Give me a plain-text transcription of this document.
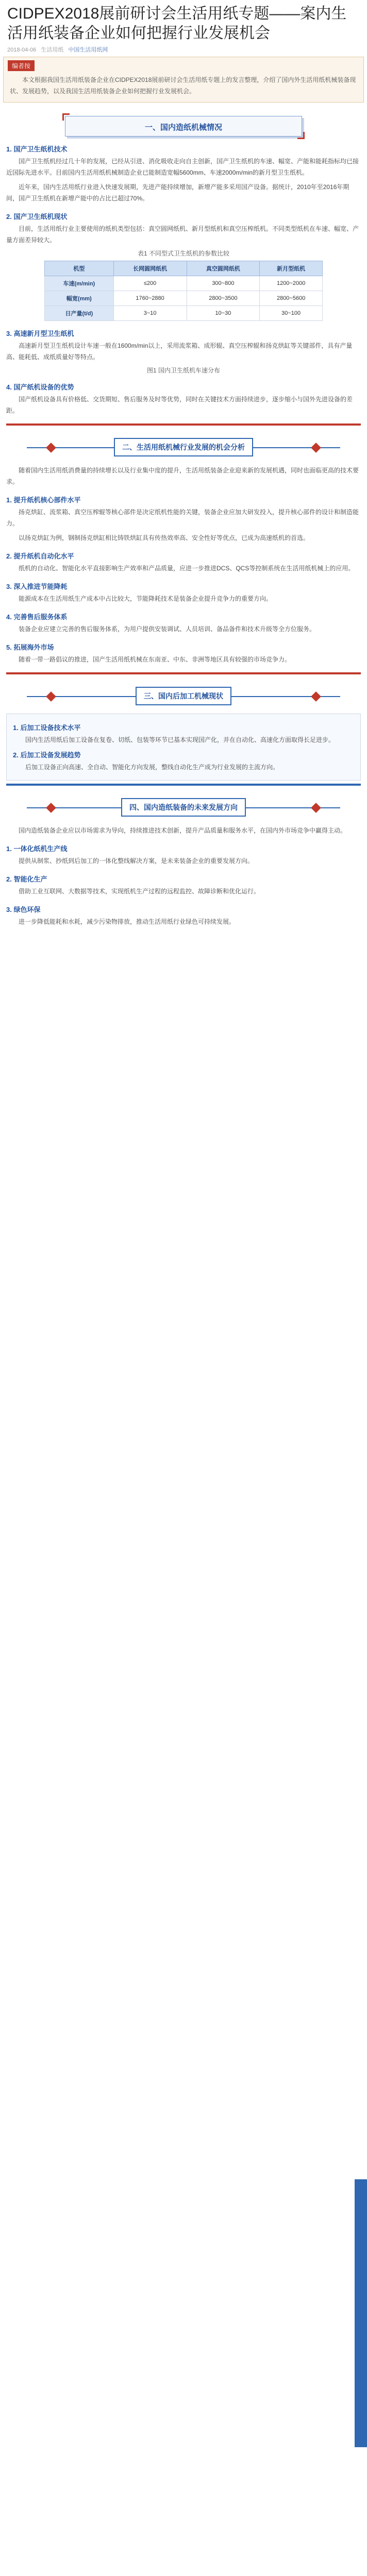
CIDPEX2018展前研讨会生活用纸专题——案内生活用纸装备企业如何把握行业发展机会
2018-04-06 生活用纸 中国生活用纸网
编者按
本文根据我国生活用纸装备企业在CIDPEX2018展前研讨会生活用纸专题上的发言整理，介绍了国内外生活用纸机械装备现状、发展趋势，以及我国生活用纸装备企业如何把握行业发展机会。
一、国内造纸机械情况
1. 国产卫生纸机技术

国产卫生纸机经过几十年的发展，已经从引进、消化吸收走向自主创新，国产卫生纸机的车速、幅宽、产能和能耗指标均已接近国际先进水平。目前国内生活用纸机械制造企业已能制造宽幅5600mm、车速2000m/min的新月型卫生纸机。

近年来，国内生活用纸行业进入快速发展期，先进产能持续增加，新增产能多采用国产设备。据统计，2010年至2016年期间，国产卫生纸机在新增产能中的占比已超过70%。

2. 国产卫生纸机现状

目前，生活用纸行业主要使用的纸机类型包括：真空圆网纸机、新月型纸机和真空压榨纸机。不同类型纸机在车速、幅宽、产量方面差异较大。

表1 不同型式卫生纸机的参数比较
机型	长网圆网纸机	真空圆网纸机	新月型纸机
车速(m/min)	≤200	300~800	1200~2000
幅宽(mm)	1760~2880	2800~3500	2800~5600
日产量(t/d)	3~10	10~30	30~100
3. 高速新月型卫生纸机

高速新月型卫生纸机设计车速一般在1600m/min以上，采用流浆箱、成形辊、真空压榨辊和扬克烘缸等关键部件，具有产量高、能耗低、成纸质量好等特点。

图1 国内卫生纸机车速分布
4. 国产纸机设备的优势

国产纸机设备具有价格低、交货期短、售后服务及时等优势，同时在关键技术方面持续进步，逐步缩小与国外先进设备的差距。

二、生活用纸机械行业发展的机会分析

随着国内生活用纸消费量的持续增长以及行业集中度的提升，生活用纸装备企业迎来新的发展机遇，同时也面临更高的技术要求。

1. 提升纸机核心部件水平

扬克烘缸、流浆箱、真空压榨辊等核心部件是决定纸机性能的关键，装备企业应加大研发投入，提升核心部件的设计和制造能力。

以扬克烘缸为例，钢制扬克烘缸相比铸铁烘缸具有传热效率高、安全性好等优点，已成为高速纸机的首选。

2. 提升纸机自动化水平

纸机的自动化、智能化水平直接影响生产效率和产品质量，应进一步推进DCS、QCS等控制系统在生活用纸机械上的应用。

3. 深入推进节能降耗

能源成本在生活用纸生产成本中占比较大，节能降耗技术是装备企业提升竞争力的重要方向。

4. 完善售后服务体系

装备企业应建立完善的售后服务体系，为用户提供安装调试、人员培训、备品备件和技术升级等全方位服务。

5. 拓展海外市场

随着一带一路倡议的推进，国产生活用纸机械在东南亚、中东、非洲等地区具有较强的市场竞争力。

三、国内后加工机械现状
1. 后加工设备技术水平

国内生活用纸后加工设备在复卷、切纸、包装等环节已基本实现国产化，并在自动化、高速化方面取得长足进步。

2. 后加工设备发展趋势

后加工设备正向高速、全自动、智能化方向发展，整线自动化生产成为行业发展的主流方向。

四、国内造纸装备的未来发展方向

国内造纸装备企业应以市场需求为导向，持续推进技术创新，提升产品质量和服务水平，在国内外市场竞争中赢得主动。

1. 一体化纸机生产线

提供从制浆、抄纸到后加工的一体化整线解决方案，是未来装备企业的重要发展方向。

2. 智能化生产

借助工业互联网、大数据等技术，实现纸机生产过程的远程监控、故障诊断和优化运行。

3. 绿色环保

进一步降低能耗和水耗，减少污染物排放，推动生活用纸行业绿色可持续发展。
